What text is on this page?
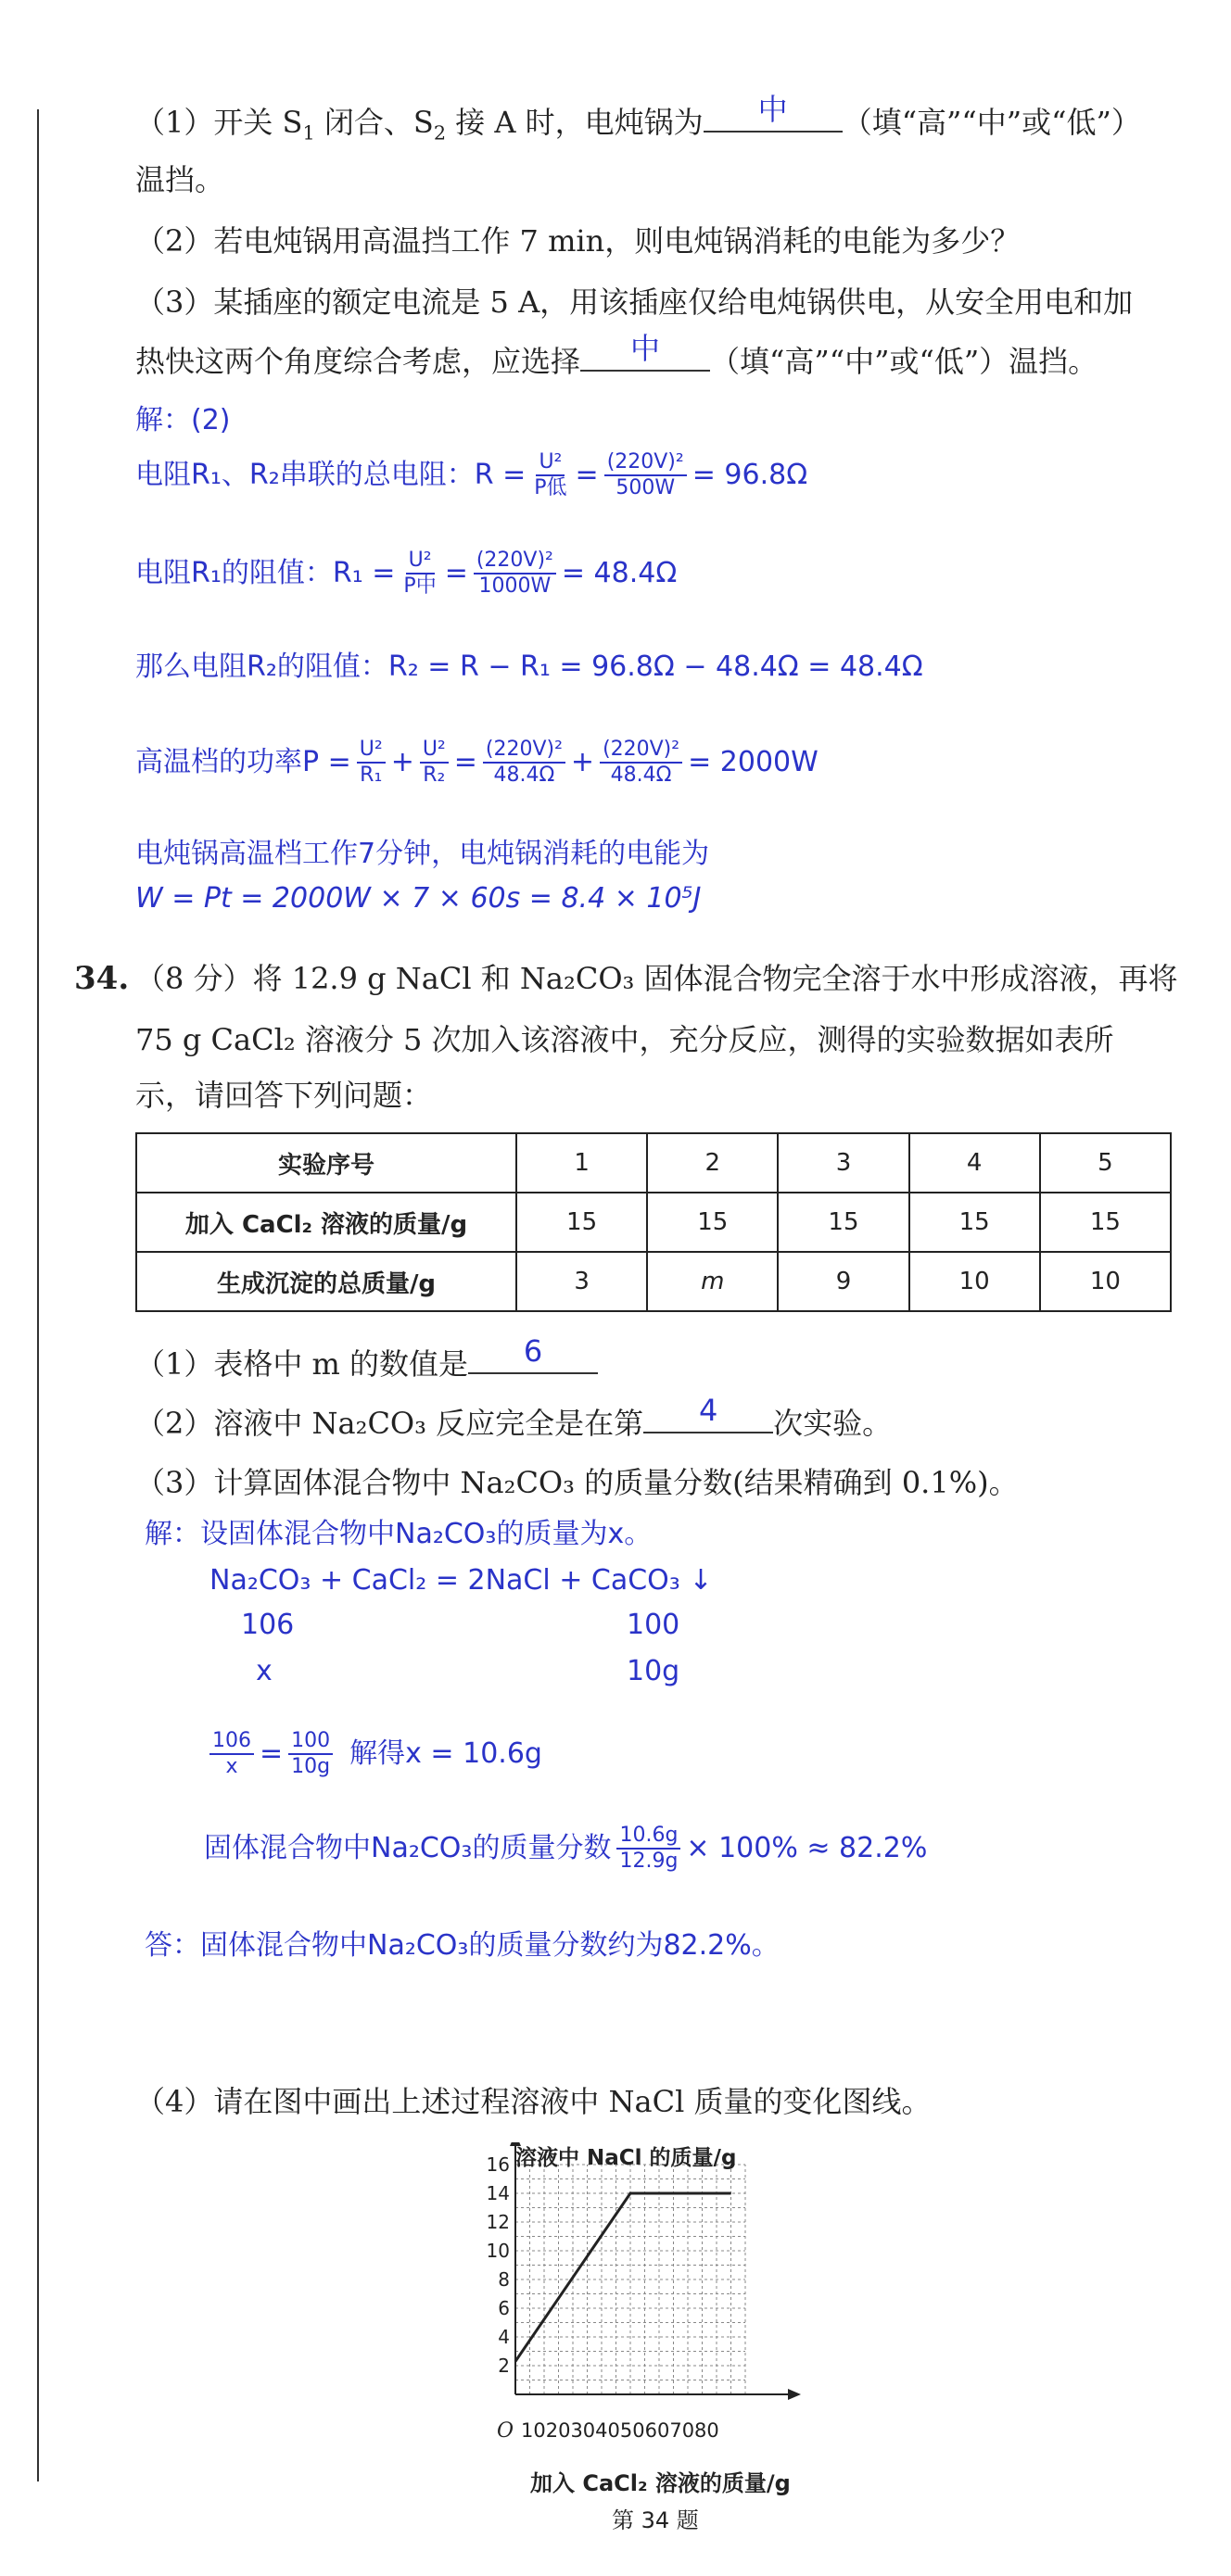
（1）开关 $S_1$ 闭合、$S_2$ 接 A 时，电炖锅为 中 （填“高”“中”或“低”）
温挡。
（2）若电炖锅用高温挡工作 7 min，则电炖锅消耗的电能为多少？
（3）某插座的额定电流是 5 A，用该插座仅给电炖锅供电，从安全用电和加
热快这两个角度综合考虑，应选择 中 （填“高”“中”或“低”）温挡。
解：(2)
电阻R₁、R₂串联的总电阻：$R = \frac{\text{U²}}{\text{P低}} = \frac{\text{(220V)²}}{500W} = 96.8\Omega$
电阻R₁的阻值：$R_1 = \frac{\text{U²}}{\text{P中}} = \frac{\text{(220V)²}}{1000W} = 48.4\Omega$
那么电阻R₂的阻值：R₂ = R − R₁ = 96.8Ω − 48.4Ω = 48.4Ω
高温档的功率$P = \frac{\text{U²}}{\text{R₁}} + \frac{\text{U²}}{\text{R₂}} = \frac{\text{(220V)²}}{48.4\Omega} + \frac{\text{(220V)²}}{48.4\Omega} = 2000W$
电炖锅高温档工作7分钟，电炖锅消耗的电能为
W = Pt = 2000W × 7 × 60s = 8.4 × 10⁵J
34. （8 分）将 12.9 g NaCl 和 Na₂CO₃ 固体混合物完全溶于水中形成溶液，再将
75 g CaCl₂ 溶液分 5 次加入该溶液中，充分反应，测得的实验数据如表所
示，请回答下列问题：
实验序号	1	2	3	4	5
加入 CaCl₂ 溶液的质量/g	15	15	15	15	15
生成沉淀的总质量/g	3	m	9	10	10
（1）表格中 m 的数值是 6
（2）溶液中 Na₂CO₃ 反应完全是在第 4 次实验。
（3）计算固体混合物中 Na₂CO₃ 的质量分数(结果精确到 0.1%)。
解：设固体混合物中Na₂CO₃的质量为x。
Na₂CO₃ + CaCl₂ = 2NaCl + CaCO₃ ↓
106	100
x	10g
$\frac{106}{x} = \frac{100}{10g}$ 解得x = 10.6g
固体混合物中Na₂CO₃的质量分数 $\frac{10.6g}{12.9g} \times 100\% \approx 82.2\%$
答：固体混合物中Na₂CO₃的质量分数约为82.2%。
（4）请在图中画出上述过程溶液中 NaCl 质量的变化图线。
2
4
6
8
10
12
14
16 溶液中 NaCl 的质量/g
O 1020304050607080
加入 CaCl₂ 溶液的质量/g
第 34 题
